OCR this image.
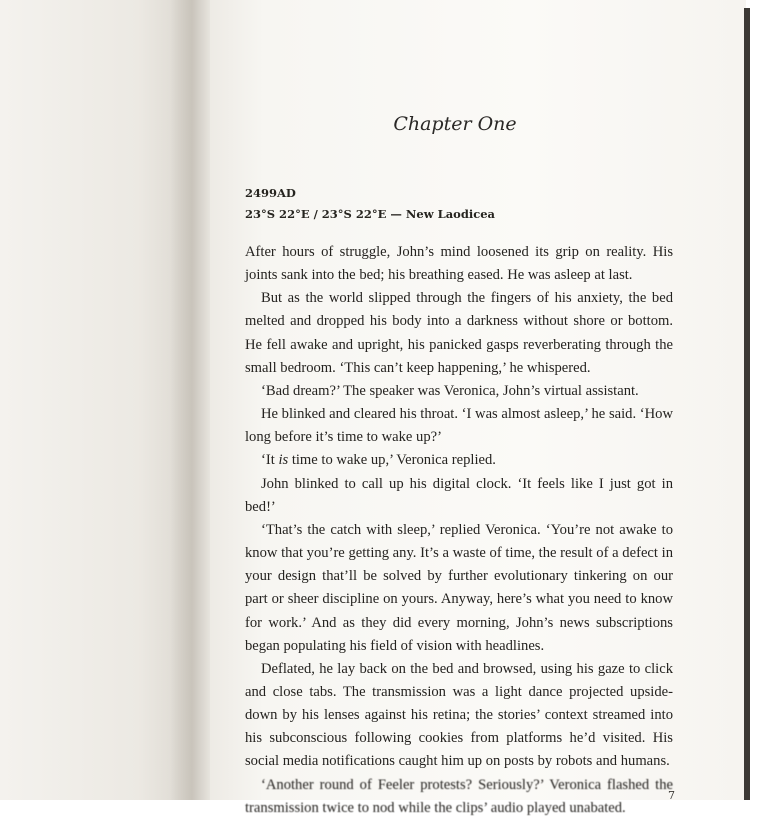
Chapter One
2499AD
23°S 22°E / 23°S 22°E — New Laodicea

After hours of struggle, John’s mind loosened its grip on reality. His joints sank into the bed; his breathing eased. He was asleep at last.

But as the world slipped through the fingers of his anxiety, the bed melted and dropped his body into a darkness without shore or bottom. He fell awake and upright, his panicked gasps reverberating through the small bedroom. ‘This can’t keep happening,’ he whispered.

‘Bad dream?’ The speaker was Veronica, John’s virtual assistant.

He blinked and cleared his throat. ‘I was almost asleep,’ he said. ‘How long before it’s time to wake up?’

‘It is time to wake up,’ Veronica replied.

John blinked to call up his digital clock. ‘It feels like I just got in bed!’

‘That’s the catch with sleep,’ replied Veronica. ‘You’re not awake to know that you’re getting any. It’s a waste of time, the result of a defect in your design that’ll be solved by further evolutionary tinkering on our part or sheer discipline on yours. Anyway, here’s what you need to know for work.’ And as they did every morning, John’s news subscriptions began populating his field of vision with headlines.

Deflated, he lay back on the bed and browsed, using his gaze to click and close tabs. The transmission was a light dance projected upside-down by his lenses against his retina; the stories’ context streamed into his subconscious following cookies from platforms he’d visited. His social media notifications caught him up on posts by robots and humans.

‘Another round of Feeler protests? Seriously?’ Veronica flashed the transmission twice to nod while the clips’ audio played unabated.

7
